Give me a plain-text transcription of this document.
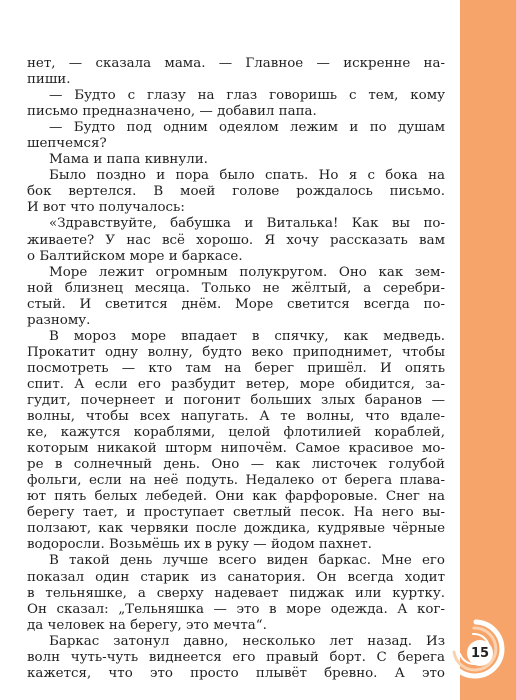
нет, — сказала мама. — Главное — искренне на-
пиши.
— Будто с глазу на глаз говоришь с тем, кому
письмо предназначено, — добавил папа.
— Будто под одним одеялом лежим и по душам
шепчемся?
Мама и папа кивнули.
Было поздно и пора было спать. Но я с бока на
бок вертелся. В моей голове рождалось письмо.
И вот что получалось:
«Здравствуйте, бабушка и Виталька! Как вы по-
живаете? У нас всё хорошо. Я хочу рассказать вам
о Балтийском море и баркасе.
Море лежит огромным полукругом. Оно как зем-
ной близнец месяца. Только не жёлтый, а серебри-
стый. И светится днём. Море светится всегда по-
разному.
В мороз море впадает в спячку, как медведь.
Прокатит одну волну, будто веко приподнимет, чтобы
посмотреть — кто там на берег пришёл. И опять
спит. А если его разбудит ветер, море обидится, за-
гудит, почернеет и погонит больших злых баранов —
волны, чтобы всех напугать. А те волны, что вдале-
ке, кажутся кораблями, целой флотилией кораблей,
которым никакой шторм нипочём. Самое красивое мо-
ре в солнечный день. Оно — как листочек голубой
фольги, если на неё подуть. Недалеко от берега плава-
ют пять белых лебедей. Они как фарфоровые. Снег на
берегу тает, и проступает светлый песок. На него вы-
ползают, как червяки после дождика, кудрявые чёрные
водоросли. Возьмёшь их в руку — йодом пахнет.
В такой день лучше всего виден баркас. Мне его
показал один старик из санатория. Он всегда ходит
в тельняшке, а сверху надевает пиджак или куртку.
Он сказал: „Тельняшка — это в море одежда. А ког-
да человек на берегу, это мечта“.
Баркас затонул давно, несколько лет назад. Из
волн чуть-чуть виднеется его правый борт. С берега
кажется, что это просто плывёт бревно. А это
15
